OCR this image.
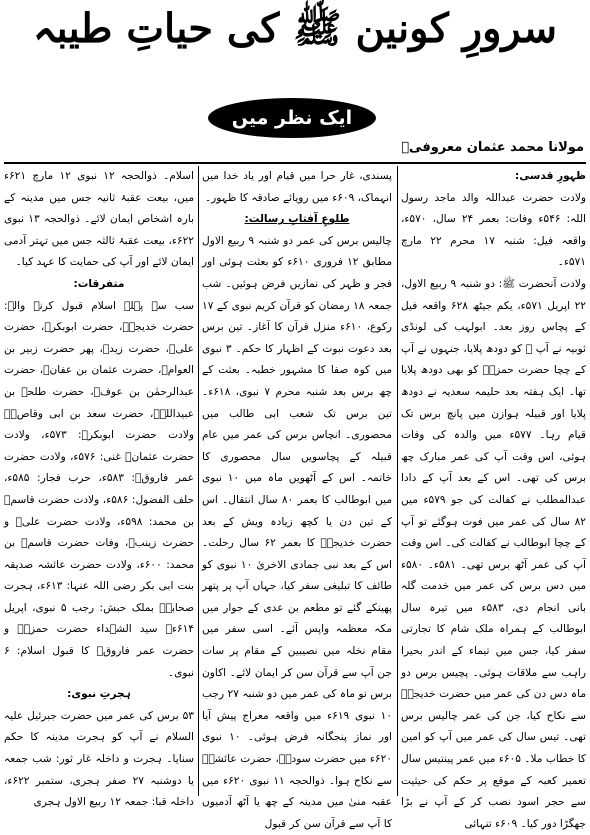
سرورِ کونین ﷺ کی حیاتِ طیبہ
ایک نظر میں
مولانا محمد عثمان معروفیؒ

ظہورِ قدسی:

ولادت حضرت عبداللہ والد ماجد رسول اللہ: ۵۴۶ء وفات: بعمر ۲۴ سال، ۵۷۰ء، واقعہ فیل: شنبہ ۱۷ محرم ۲۲ مارچ ۵۷۱ء۔

ولادت آنحضرت ﷺ: دو شنبہ ۹ ربیع الاول، ۲۲ اپریل ۵۷۱ء، یکم جیٹھ ۶۲۸ واقعہ فیل کے پچاس روز بعد۔ ابولہب کی لونڈی ثوبیہ نے آپ ﷺ کو دودھ پلایا، جنہوں نے آپ کے چچا حضرت حمزہؓ کو بھی دودھ پلایا تھا۔ ایک ہفتہ بعد حلیمہ سعدیہ نے دودھ پلایا اور قبیلہ ہوازن میں پانچ برس تک قیام رہا۔ ۵۷۷ء میں والدہ کی وفات ہوئی، اس وقت آپ کی عمر مبارک چھ برس کی تھی۔ اس کے بعد آپ کے دادا عبدالمطلب نے کفالت کی جو ۵۷۹ء میں ۸۲ سال کی عمر میں فوت ہوگئے تو آپ کے چچا ابوطالب نے کفالت کی۔ اس وقت آپ کی عمر آٹھ برس تھی۔ ۵۸۱ء۔ ۵۸۰ء میں دس برس کی عمر میں خدمت گلہ بانی انجام دی، ۵۸۳ء میں تیرہ سال ابوطالب کے ہمراہ ملک شام کا تجارتی سفر کیا، جس میں تیماء کے اندر بحیرا راہب سے ملاقات ہوئی۔ پچیس برس دو ماہ دس دن کی عمر میں حضرت خدیجہؓ سے نکاح کیا، جن کی عمر چالیس برس تھی۔ تیس سال کی عمر میں آپ کو امین کا خطاب ملا۔ ۶۰۵ء میں عمر پینتیس سال تعمیر کعبہ کے موقع پر حکم کی حیثیت سے حجر اسود نصب کر کے آپ نے بڑا جھگڑا دور کیا۔ ۶۰۹ء تنہائی

پسندی، غار حرا میں قیام اور یاد خدا میں انہماک، ۶۰۹ء میں رویائے صادقہ کا ظہور۔

طلوعِ آفتابِ رسالت:

چالیس برس کی عمر دو شنبہ ۹ ربیع الاول مطابق ۱۲ فروری ۶۱۰ء کو بعثت ہوئی اور فجر و ظہر کی نمازیں فرض ہوئیں۔ شب جمعہ ۱۸ رمضان کو قرآن کریم نبوی کے ۱۷ رکوع، ۶۱۰ء منزل قرآن کا آغاز۔ تین برس بعد دعوت نبوت کے اظہار کا حکم۔ ۳ نبوی میں کوہ صفا کا مشہور خطبہ۔ بعثت کے چھ برس بعد شنبہ محرم ۷ نبوی، ۶۱۸ء۔ تین برس تک شعب ابی طالب میں محصوری۔ انچاس برس کی عمر میں عام قبیلہ کے پچاسویں سال محصوری کا خاتمہ۔ اس کے آٹھویں ماہ میں ۱۰ نبوی میں ابوطالب کا بعمر ۸۰ سال انتقال۔ اس کے تین دن یا کچھ زیادہ ویش کے بعد حضرت خدیجہؓ کا بعمر ۶۲ سال رحلت۔ اس کے بعد نبی جمادی الاخریٰ ۱۰ نبوی کو طائف کا تبلیغی سفر کیا، جہاں آپ پر پتھر پھینکے گئے تو مطعم بن عدی کے جوار میں مکہ معظمہ واپس آئے۔ اسی سفر میں مقام نخلہ میں نصیبین کے مقام پر سات جن آپ سے قرآن سن کر ایمان لائے۔ اکاون برس نو ماہ کی عمر میں دو شنبہ ۲۷ رجب ۱۰ نبوی ۶۱۹ء میں واقعہ معراج پیش آیا اور نماز پنجگانہ فرض ہوئی۔ ۱۰ نبوی ۶۲۰ء میں حضرت سودہؓ، حضرت عائشہؓ سے نکاح ہوا۔ ذوالحجہ ۱۱ نبوی ۶۲۰ء میں عقبہ منیٰ میں مدینہ کے چھ یا آٹھ آدمیوں کا آپ سے قرآن سن کر قبول

اسلام۔ ذوالحجہ ۱۲ نبوی ۱۲ مارچ ۶۲۱ء میں، بیعت عقبۂ ثانیہ جس میں مدینہ کے بارہ اشخاص ایمان لائے۔ ذوالحجہ ۱۳ نبوی ۶۲۲ء، بیعت عقبۂ ثالثہ جس میں تہتر آدمی ایمان لائے اور آپ کی حمایت کا عہد کیا۔

متفرقات:

سب سے پہلے اسلام قبول کرنے والے: حضرت خدیجہؓ، حضرت ابوبکرؓ، حضرت علیؓ، حضرت زیدؓ، پھر حضرت زبیر بن العوامؓ، حضرت عثمان بن عفانؓ، حضرت عبدالرحمٰن بن عوفؓ، حضرت طلحہ بن عبیداللہؓ، حضرت سعد بن ابی وقاصؓ۔ ولادت حضرت ابوبکرؓ: ۵۷۳ء، ولادت حضرت عثمانؓ غنی: ۵۷۶ء، ولادت حضرت عمر فاروقؓ: ۵۸۳ء، حرب فجار: ۵۸۵ء، حلف الفضول: ۵۸۶ء، ولادت حضرت قاسمؓ بن محمد: ۵۹۸ء، ولادت حضرت علیؓ و حضرت زینبؓ، وفات حضرت قاسمؓ بن محمد: ۶۰۰ء، ولادت حضرت عائشہ صدیقہ بنت ابی بکر رضی اللہ عنہا: ۶۱۳ء، ہجرت صحابہؓ بملک حبش: رجب ۵ نبوی، اپریل ۶۱۴ء۔ سید الشہداء حضرت حمزہؓ و حضرت عمر فاروقؓ کا قبول اسلام: ۶ نبوی۔

ہجرتِ نبوی:

۵۳ برس کی عمر میں حضرت جبرئیل علیہ السلام نے آپ کو ہجرت مدینہ کا حکم سنایا۔ ہجرت و داخلہ غار ثور: شب جمعہ یا دوشنبہ ۲۷ صفر ہجری، ستمبر ۶۲۲ء، داخلہ قبا: جمعہ ۱۲ ربیع الاول ہجری
